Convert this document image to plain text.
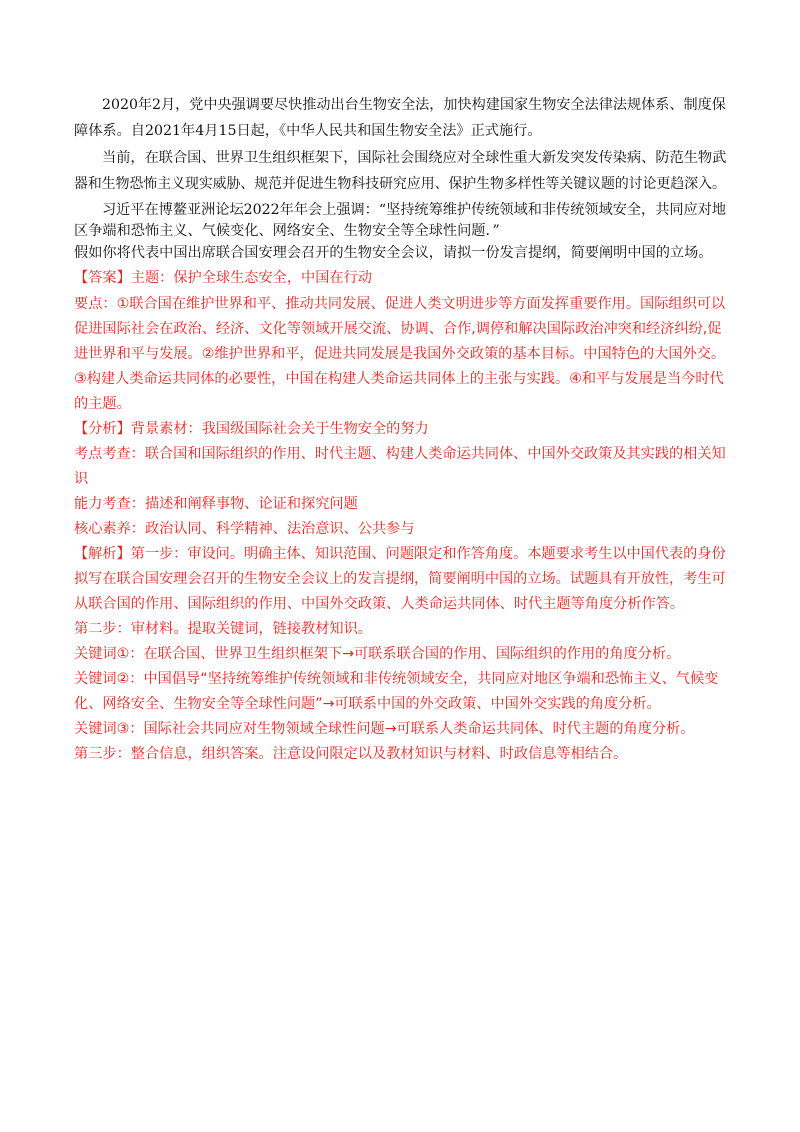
2020年2月，党中央强调要尽快推动出台生物安全法，加快构建国家生物安全法律法规体系、制度保
障体系。自2021年4月15日起，《中华人民共和国生物安全法》正式施行。
当前，在联合国、世界卫生组织框架下，国际社会围绕应对全球性重大新发突发传染病、防范生物武
器和生物恐怖主义现实威胁、规范并促进生物科技研究应用、保护生物多样性等关键议题的讨论更趋深入。
习近平在博鳌亚洲论坛2022年年会上强调：“坚持统筹维护传统领域和非传统领域安全，共同应对地
区争端和恐怖主义、气候变化、网络安全、生物安全等全球性问题．”
假如你将代表中国出席联合国安理会召开的生物安全会议，请拟一份发言提纲，简要阐明中国的立场。
【答案】主题：保护全球生态安全，中国在行动
要点：①联合国在维护世界和平、推动共同发展、促进人类文明进步等方面发挥重要作用。国际组织可以
促进国际社会在政治、经济、文化等领域开展交流、协调、合作,调停和解决国际政治冲突和经济纠纷,促
进世界和平与发展。②维护世界和平，促进共同发展是我国外交政策的基本目标。中国特色的大国外交。
③构建人类命运共同体的必要性，中国在构建人类命运共同体上的主张与实践。④和平与发展是当今时代
的主题。
【分析】背景素材：我国级国际社会关于生物安全的努力
考点考查：联合国和国际组织的作用、时代主题、构建人类命运共同体、中国外交政策及其实践的相关知
识
能力考查：描述和阐释事物、论证和探究问题
核心素养：政治认同、科学精神、法治意识、公共参与
【解析】第一步：审设问。明确主体、知识范围、问题限定和作答角度。本题要求考生以中国代表的身份
拟写在联合国安理会召开的生物安全会议上的发言提纲，简要阐明中国的立场。试题具有开放性，考生可
从联合国的作用、国际组织的作用、中国外交政策、人类命运共同体、时代主题等角度分析作答。
第二步：审材料。提取关键词，链接教材知识。
关键词①：在联合国、世界卫生组织框架下→可联系联合国的作用、国际组织的作用的角度分析。
关键词②：中国倡导“坚持统筹维护传统领域和非传统领域安全，共同应对地区争端和恐怖主义、气候变
化、网络安全、生物安全等全球性问题”→可联系中国的外交政策、中国外交实践的角度分析。
关键词③：国际社会共同应对生物领域全球性问题→可联系人类命运共同体、时代主题的角度分析。
第三步：整合信息，组织答案。注意设问限定以及教材知识与材料、时政信息等相结合。
